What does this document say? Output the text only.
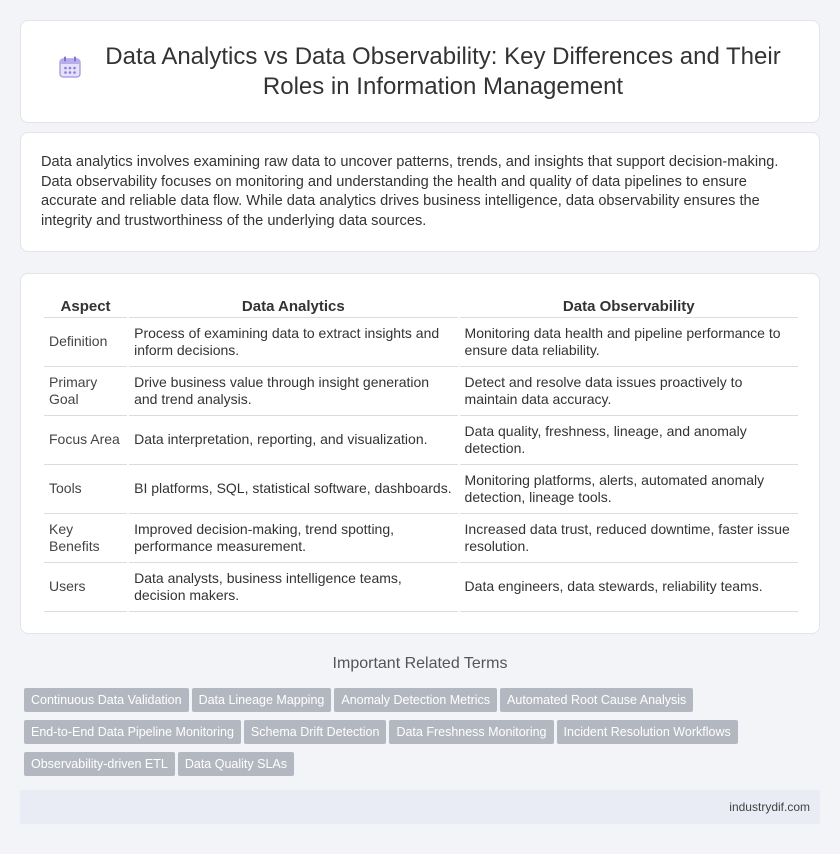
Data Analytics vs Data Observability: Key Differences and Their Roles in Information Management

Data analytics involves examining raw data to uncover patterns, trends, and insights that support decision-making. Data observability focuses on monitoring and understanding the health and quality of data pipelines to ensure accurate and reliable data flow. While data analytics drives business intelligence, data observability ensures the integrity and trustworthiness of the underlying data sources.

Aspect	Data Analytics	Data Observability
Definition	Process of examining data to extract insights and inform decisions.	Monitoring data health and pipeline performance to ensure data reliability.
Primary Goal	Drive business value through insight generation and trend analysis.	Detect and resolve data issues proactively to maintain data accuracy.
Focus Area	Data interpretation, reporting, and visualization.	Data quality, freshness, lineage, and anomaly detection.
Tools	BI platforms, SQL, statistical software, dashboards.	Monitoring platforms, alerts, automated anomaly detection, lineage tools.
Key Benefits	Improved decision-making, trend spotting, performance measurement.	Increased data trust, reduced downtime, faster issue resolution.
Users	Data analysts, business intelligence teams, decision makers.	Data engineers, data stewards, reliability teams.
Important Related Terms
Continuous Data Validation Data Lineage Mapping Anomaly Detection Metrics Automated Root Cause Analysis
End-to-End Data Pipeline Monitoring Schema Drift Detection Data Freshness Monitoring Incident Resolution Workflows
Observability-driven ETL Data Quality SLAs
industrydif.com
